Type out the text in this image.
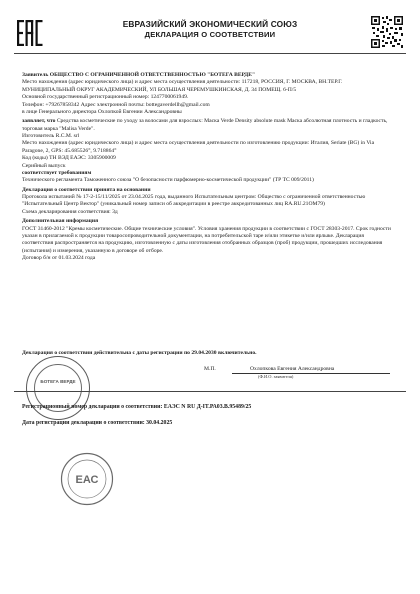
ЕВРАЗИЙСКИЙ ЭКОНОМИЧЕСКИЙ СОЮЗ
ДЕКЛАРАЦИЯ О СООТВЕТСТВИИ

Заявитель ОБЩЕСТВО С ОГРАНИЧЕННОЙ ОТВЕТСТВЕННОСТЬЮ "БОТЕГА ВЕРДЕ"

Место нахождения (адрес юридического лица) и адрес места осуществления деятельности: 117218, РОССИЯ, Г. МОСКВА, ВН.ТЕР.Г. МУНИЦИПАЛЬНЫЙ ОКРУГ АКАДЕМИЧЕСКИЙ, УЛ БОЛЬШАЯ ЧЕРЕМУШКИНСКАЯ, Д. 34 ПОМЕЩ. 6-П/5

Основной государственный регистрационный номер: 1247700061949.

Телефон: +79267858342 Адрес электронной почты: bottegaverdellh@gmail.com

в лице Генерального директора Охлопкой Евгении Александровны

заявляет, что Средства косметические по уходу за волосами для взрослых: Маска Verde Density absolute mask Маска абсолютная плотность и гладкость, торговая марка "Malisa Verde".

Изготовитель R.C.M. srl

Место нахождения (адрес юридического лица) и адрес места осуществления деятельности по изготовлению продукции: Италия, Seriate (BG) in Via Paragone, 2, GPS: 45.685526°, 9.718864°

Код (коды) ТН ВЭД ЕАЭС: 3305900009

Серийный выпуск

соответствует требованиям

Технического регламента Таможенного союза "О безопасности парфюмерно-косметической продукции" (ТР ТС 009/2011)

Декларация о соответствии принята на основании

Протокола испытаний № 17-2-15/11/2025 от 23.04.2025 года, выданного Испытательным центром: Общество с ограниченной ответственностью "Испытательный Центр Вектор" (уникальный номер записи об аккредитации в реестре аккредитованных лиц RA.RU.21ОМ79)

Схема декларирования соответствия: 3д

Дополнительная информация

ГОСТ 31460-2012 "Кремы косметические. Общие технические условия". Условия хранения продукции в соответствии с ГОСТ 28303-2017. Срок годности указан в прилагаемой к продукции товаросопроводительной документации, на потребительской таре и/или этикетке и/или ярлыке. Декларация соответствия распространяется на продукцию, изготовленную с даты изготовления отобранных образцов (проб) продукции, прошедших исследования (испытания) и измерения, указанную в договоре об отборе.

Договор б/н от 01.03.2024 года

Декларация о соответствии действительна с даты регистрации по 29.04.2030 включительно.
БОТЕГА ВЕРДЕ
М.П.	Охлопкова Евгения Александровна
(Ф.И.О. заявителя)
Регистрационный номер декларации о соответствии: ЕАЭС N RU Д-IT.РА03.В.95489/25
Дата регистрации декларации о соответствии: 30.04.2025
ЕАС
